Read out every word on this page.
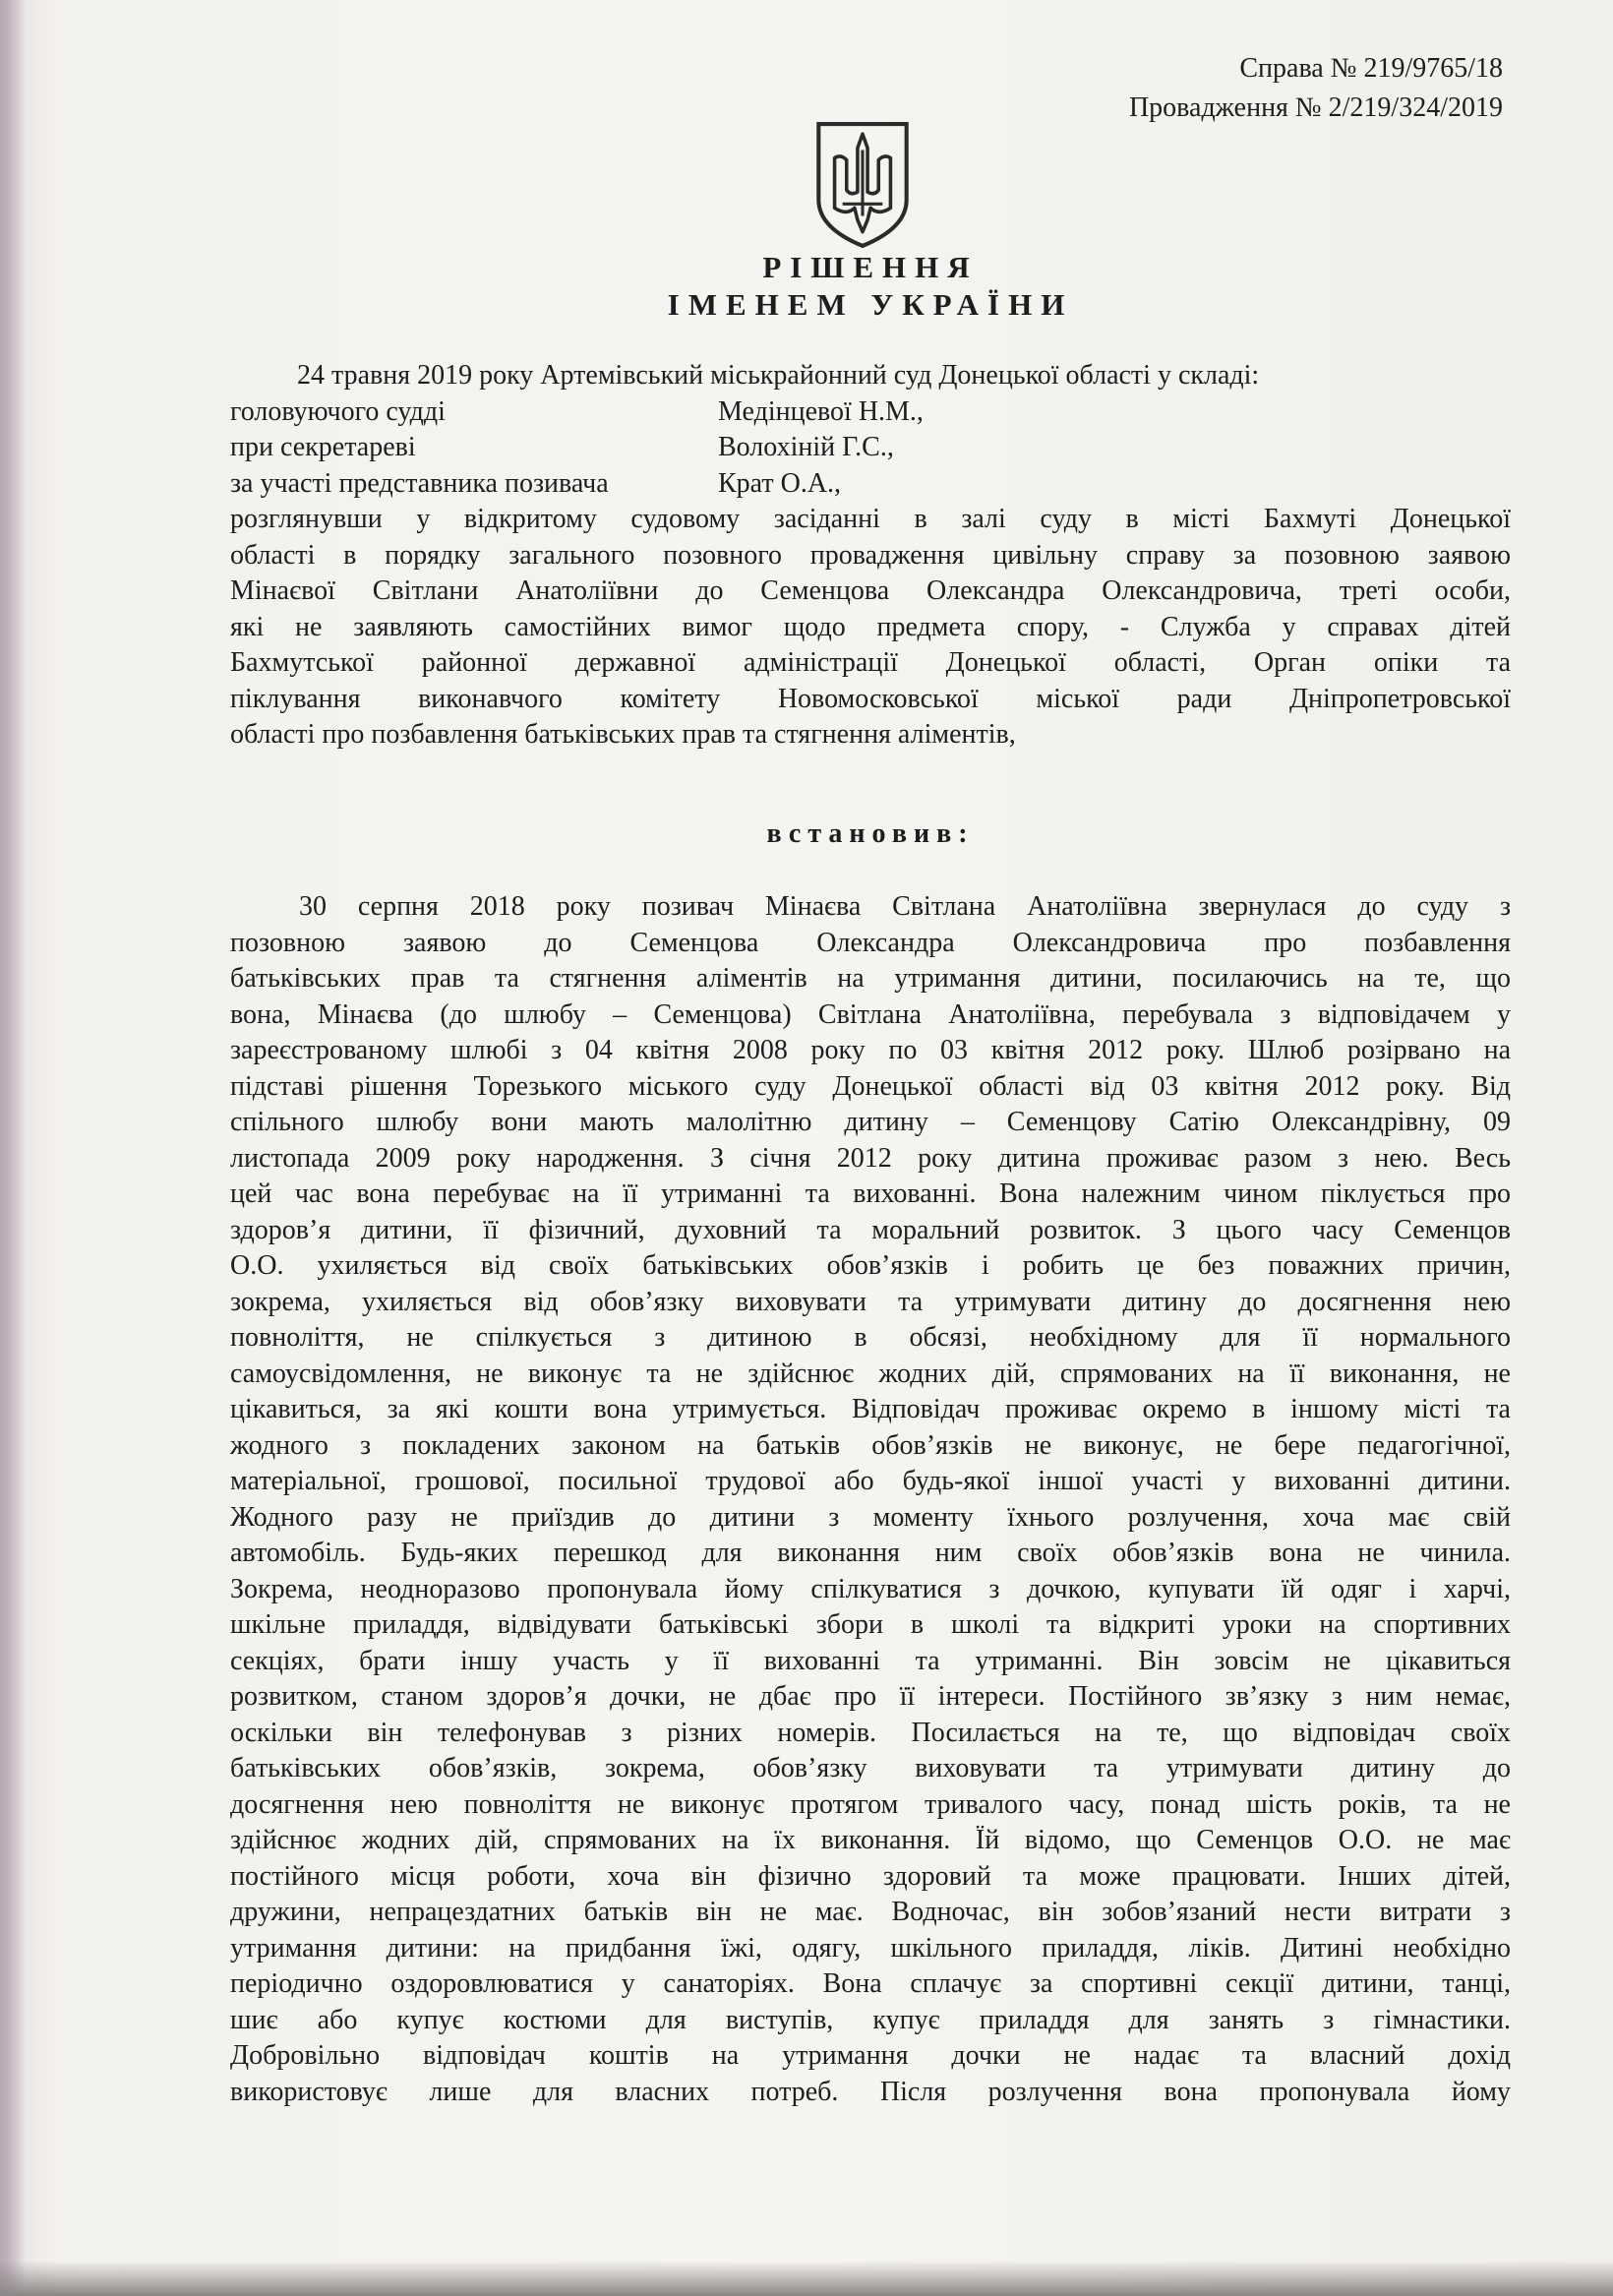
Справа № 219/9765/18
Провадження № 2/219/324/2019
РІШЕННЯ
ІМЕНЕМ УКРАЇНИ
24 травня 2019 року Артемівський міськрайонний суд Донецької області у складі:
головуючого судді	Медінцевої Н.М.,
при секретареві	Волохіній Г.С.,
за участі представника позивача	Крат О.А.,
розглянувши у відкритому судовому засіданні в залі суду в місті Бахмуті Донецької
області в порядку загального позовного провадження цивільну справу за позовною заявою
Мінаєвої Світлани Анатоліївни до Семенцова Олександра Олександровича, треті особи,
які не заявляють самостійних вимог щодо предмета спору, - Служба у справах дітей
Бахмутської районної державної адміністрації Донецької області, Орган опіки та
піклування виконавчого комітету Новомосковської міської ради Дніпропетровської
області про позбавлення батьківських прав та стягнення аліментів,
встановив:
30 серпня 2018 року позивач Мінаєва Світлана Анатоліївна звернулася до суду з
позовною заявою до Семенцова Олександра Олександровича про позбавлення
батьківських прав та стягнення аліментів на утримання дитини, посилаючись на те, що
вона, Мінаєва (до шлюбу – Семенцова) Світлана Анатоліївна, перебувала з відповідачем у
зареєстрованому шлюбі з 04 квітня 2008 року по 03 квітня 2012 року. Шлюб розірвано на
підставі рішення Торезького міського суду Донецької області від 03 квітня 2012 року. Від
спільного шлюбу вони мають малолітню дитину – Семенцову Сатію Олександрівну, 09
листопада 2009 року народження. З січня 2012 року дитина проживає разом з нею. Весь
цей час вона перебуває на її утриманні та вихованні. Вона належним чином піклується про
здоров’я дитини, її фізичний, духовний та моральний розвиток. З цього часу Семенцов
О.О. ухиляється від своїх батьківських обов’язків і робить це без поважних причин,
зокрема, ухиляється від обов’язку виховувати та утримувати дитину до досягнення нею
повноліття, не спілкується з дитиною в обсязі, необхідному для її нормального
самоусвідомлення, не виконує та не здійснює жодних дій, спрямованих на її виконання, не
цікавиться, за які кошти вона утримується. Відповідач проживає окремо в іншому місті та
жодного з покладених законом на батьків обов’язків не виконує, не бере педагогічної,
матеріальної, грошової, посильної трудової або будь-якої іншої участі у вихованні дитини.
Жодного разу не приїздив до дитини з моменту їхнього розлучення, хоча має свій
автомобіль. Будь-яких перешкод для виконання ним своїх обов’язків вона не чинила.
Зокрема, неодноразово пропонувала йому спілкуватися з дочкою, купувати їй одяг і харчі,
шкільне приладдя, відвідувати батьківські збори в школі та відкриті уроки на спортивних
секціях, брати іншу участь у її вихованні та утриманні. Він зовсім не цікавиться
розвитком, станом здоров’я дочки, не дбає про її інтереси. Постійного зв’язку з ним немає,
оскільки він телефонував з різних номерів. Посилається на те, що відповідач своїх
батьківських обов’язків, зокрема, обов’язку виховувати та утримувати дитину до
досягнення нею повноліття не виконує протягом тривалого часу, понад шість років, та не
здійснює жодних дій, спрямованих на їх виконання. Їй відомо, що Семенцов О.О. не має
постійного місця роботи, хоча він фізично здоровий та може працювати. Інших дітей,
дружини, непрацездатних батьків він не має. Водночас, він зобов’язаний нести витрати з
утримання дитини: на придбання їжі, одягу, шкільного приладдя, ліків. Дитині необхідно
періодично оздоровлюватися у санаторіях. Вона сплачує за спортивні секції дитини, танці,
шиє або купує костюми для виступів, купує приладдя для занять з гімнастики.
Добровільно відповідач коштів на утримання дочки не надає та власний дохід
використовує лише для власних потреб. Після розлучення вона пропонувала йому
